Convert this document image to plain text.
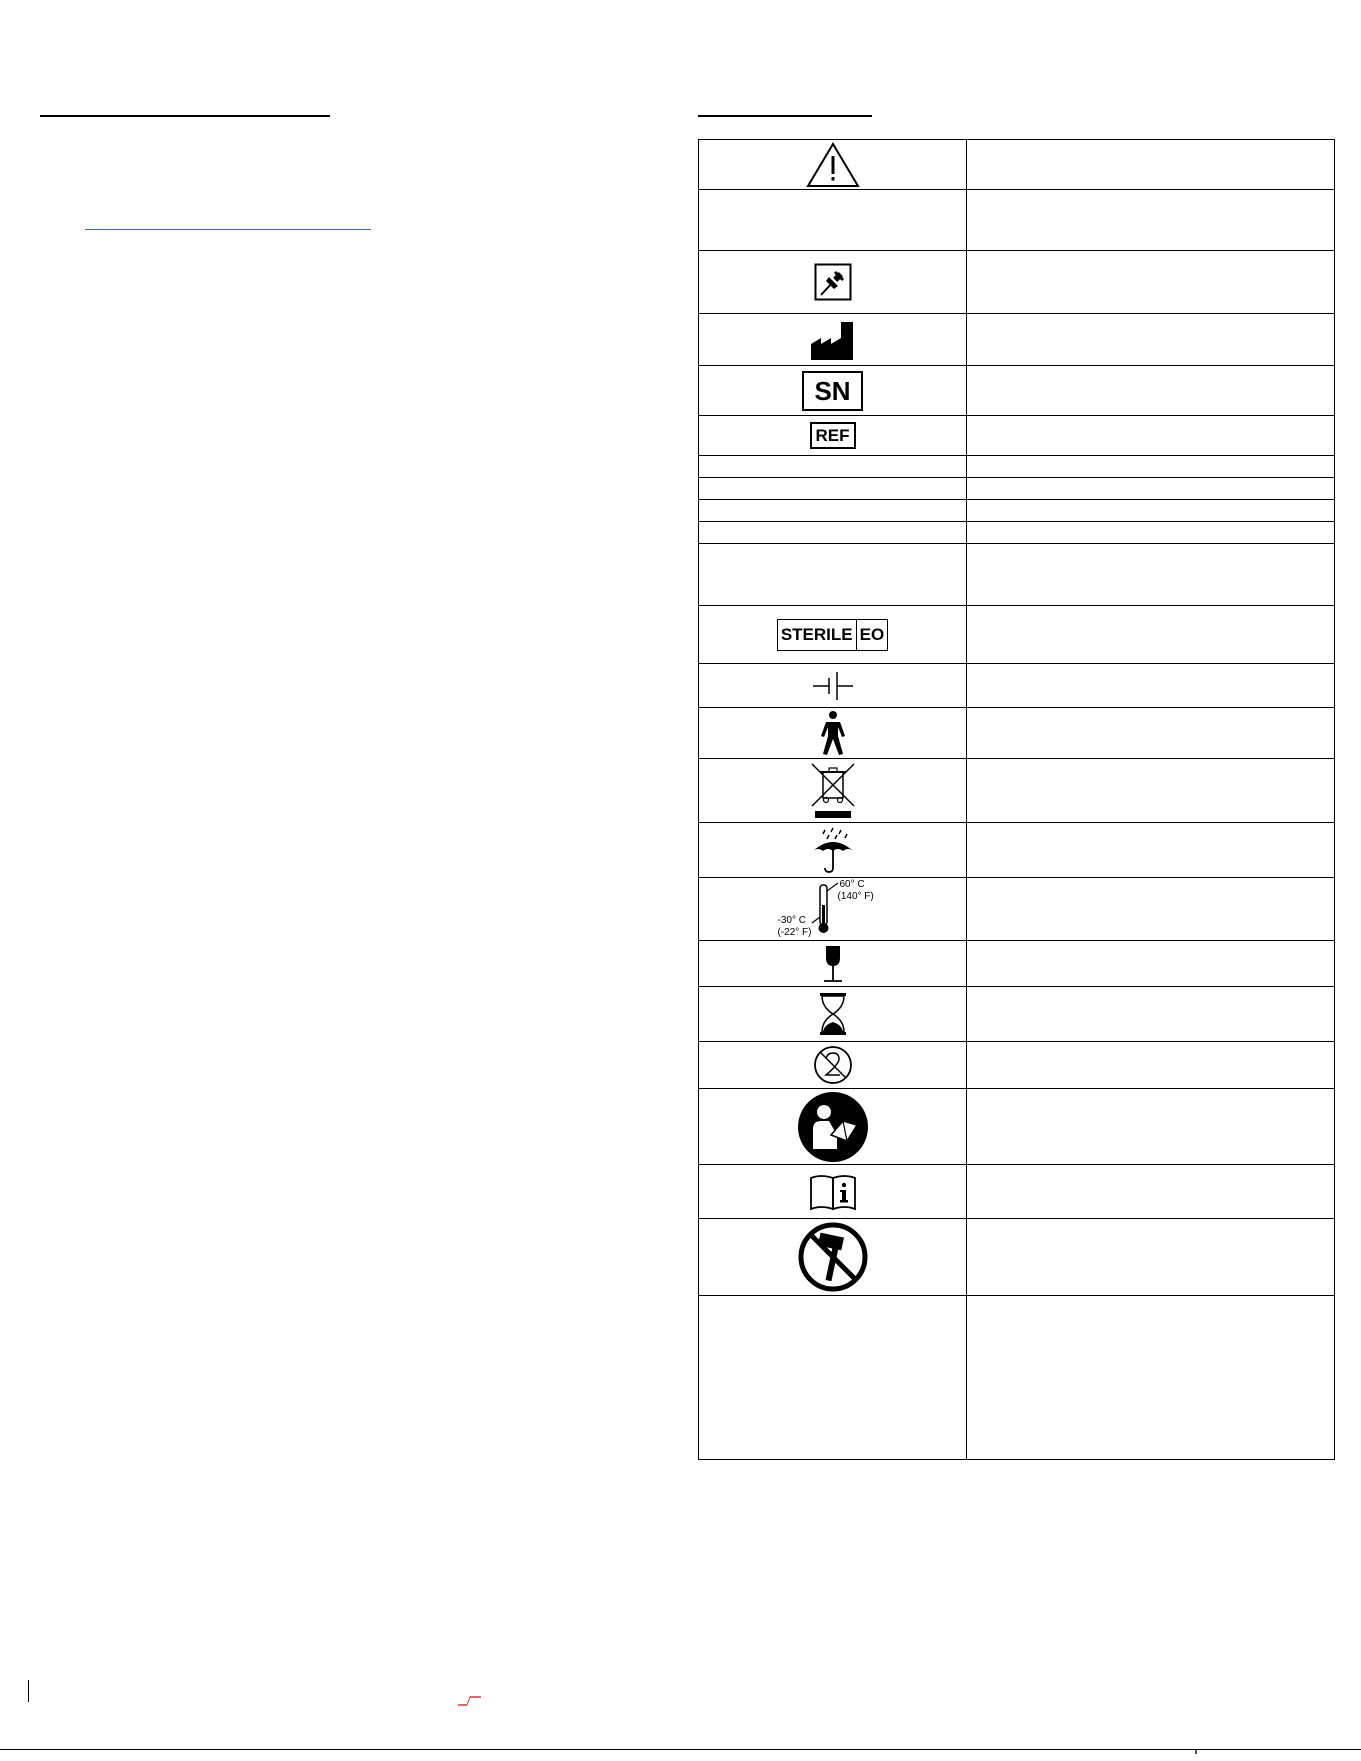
SN	
REF	

STERILE EO	

60° C
(140° F)
-30° C
(-22° F)	
